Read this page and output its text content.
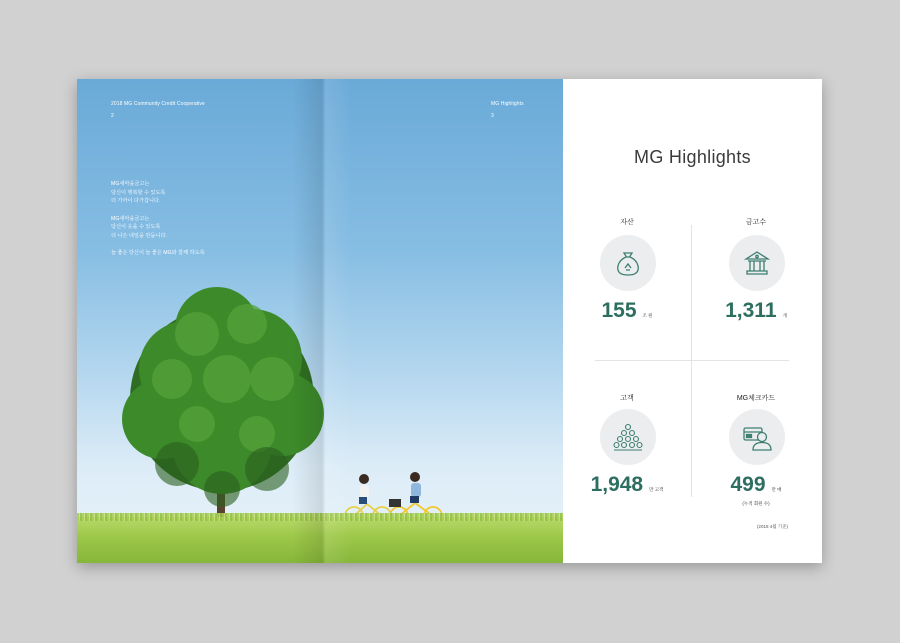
2018 MG Community Credit Cooperative
2
MG Highlights
3

MG새마을금고는
당신이 행복할 수 있도록
더 가까이 다가갑니다.

MG새마을금고는
당신이 웃을 수 있도록
더 나은 내일을 만듭니다.

늘 좋은 당신이 늘 좋은 MG와 함께 하도록

MG Highlights
자산
155 조 원
금고수
1,311 개
고객
1,948 만 고객
MG체크카드
499 만 매
(누적 회원 수)
(2018 4월 기준)
